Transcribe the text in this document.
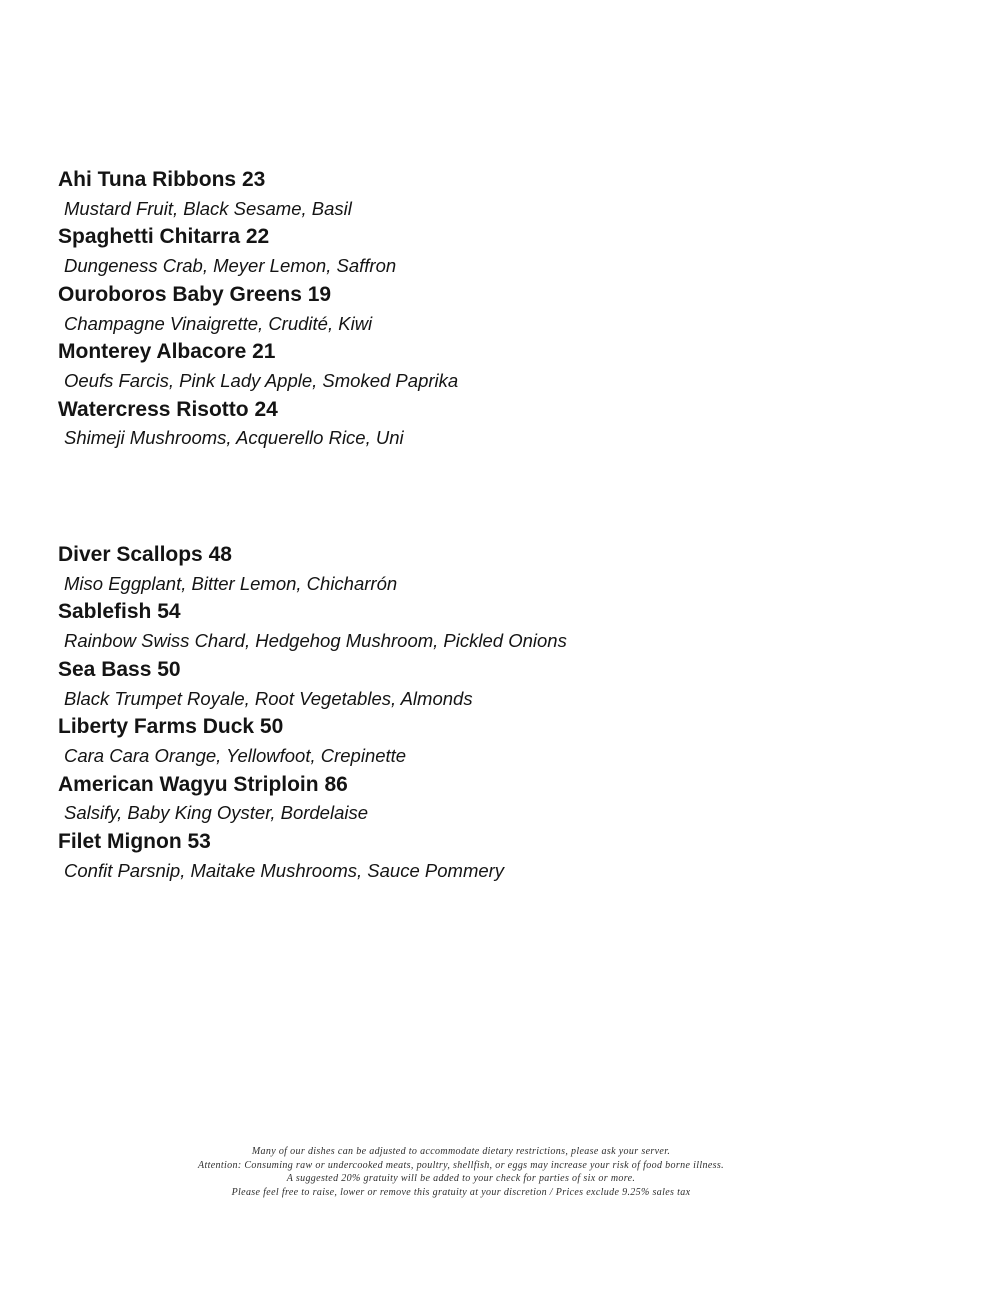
Ahi Tuna Ribbons 23
Mustard Fruit, Black Sesame, Basil
Spaghetti Chitarra 22
Dungeness Crab, Meyer Lemon, Saffron
Ouroboros Baby Greens 19
Champagne Vinaigrette, Crudité, Kiwi
Monterey Albacore 21
Oeufs Farcis, Pink Lady Apple, Smoked Paprika
Watercress Risotto 24
Shimeji Mushrooms, Acquerello Rice, Uni
Diver Scallops 48
Miso Eggplant, Bitter Lemon, Chicharrón
Sablefish 54
Rainbow Swiss Chard, Hedgehog Mushroom, Pickled Onions
Sea Bass 50
Black Trumpet Royale, Root Vegetables, Almonds
Liberty Farms Duck 50
Cara Cara Orange, Yellowfoot, Crepinette
American Wagyu Striploin 86
Salsify, Baby King Oyster, Bordelaise
Filet Mignon 53
Confit Parsnip, Maitake Mushrooms, Sauce Pommery
Many of our dishes can be adjusted to accommodate dietary restrictions, please ask your server.
Attention: Consuming raw or undercooked meats, poultry, shellfish, or eggs may increase your risk of food borne illness.
A suggested 20% gratuity will be added to your check for parties of six or more.
Please feel free to raise, lower or remove this gratuity at your discretion / Prices exclude 9.25% sales tax
